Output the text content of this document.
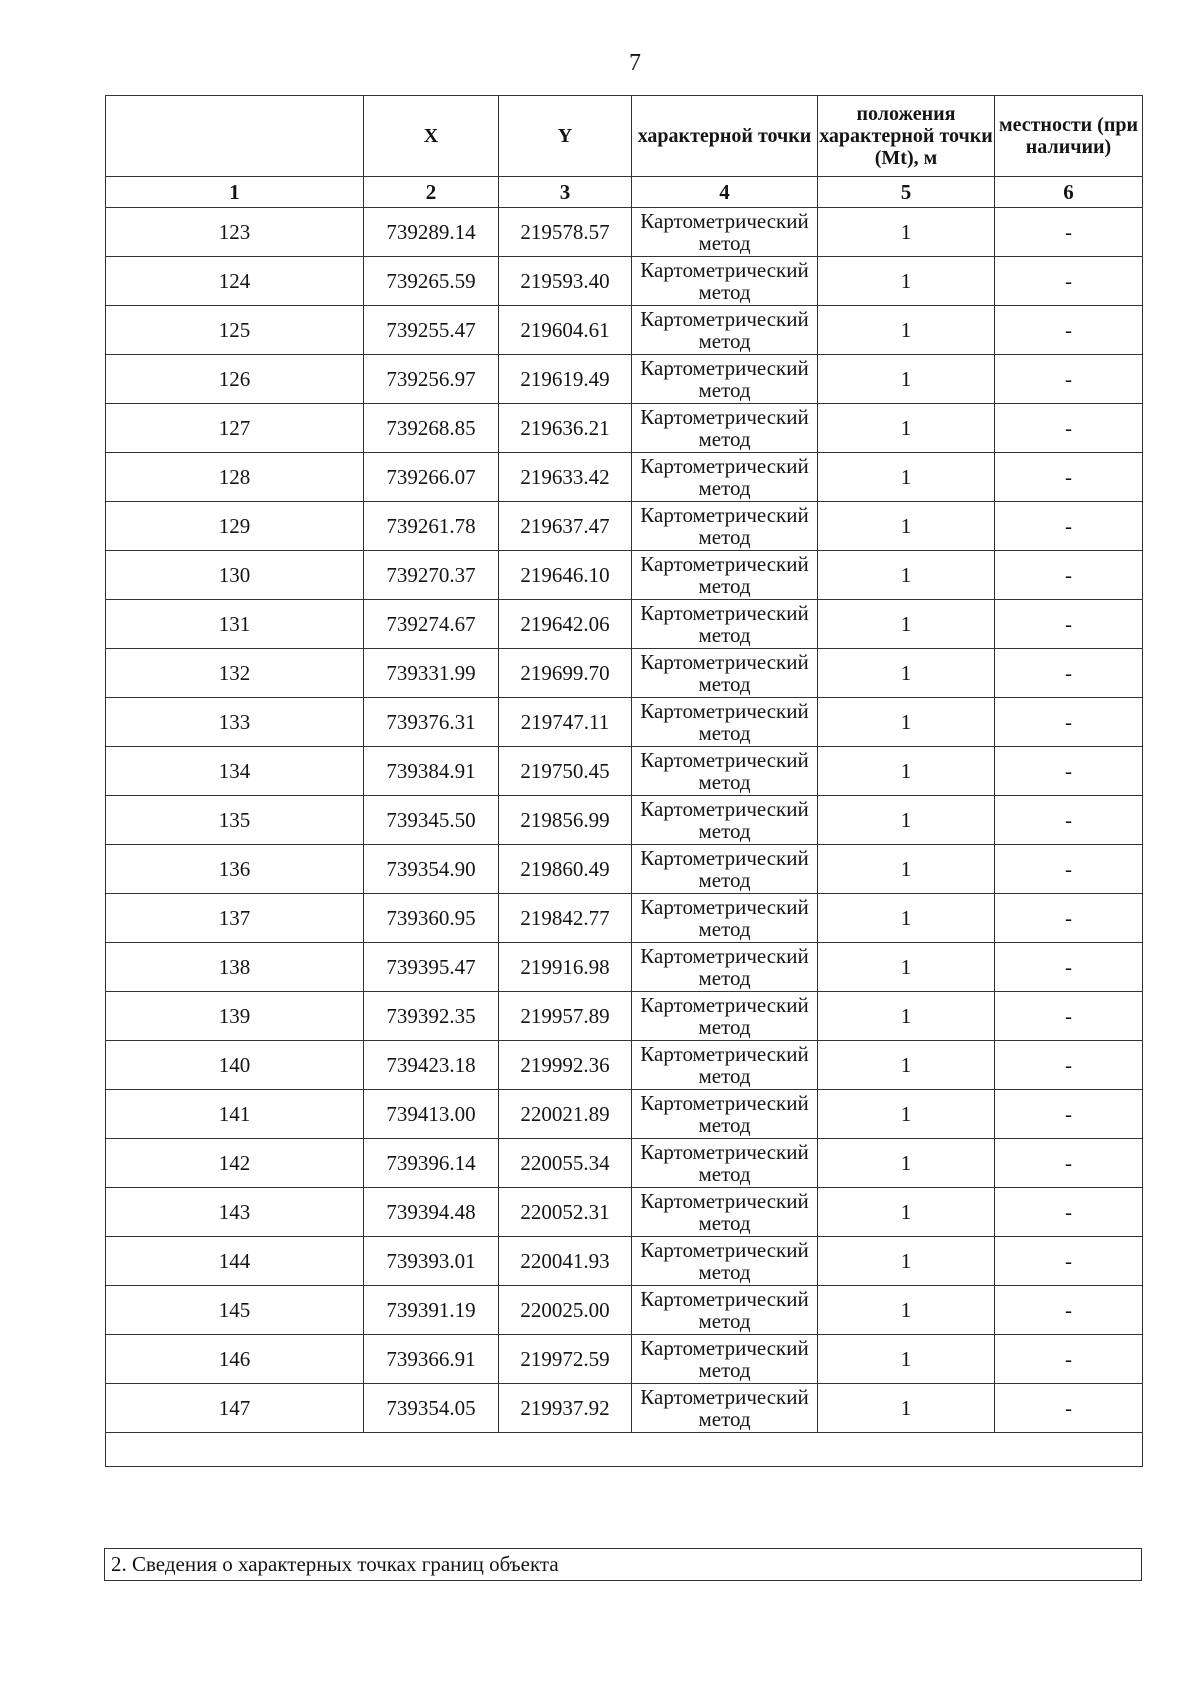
7
	X	Y	характерной точки	положения характерной точки (Mt), м	местности (при наличии)
1	2	3	4	5	6
123	739289.14	219578.57	Картометрический метод	1	-
124	739265.59	219593.40	Картометрический метод	1	-
125	739255.47	219604.61	Картометрический метод	1	-
126	739256.97	219619.49	Картометрический метод	1	-
127	739268.85	219636.21	Картометрический метод	1	-
128	739266.07	219633.42	Картометрический метод	1	-
129	739261.78	219637.47	Картометрический метод	1	-
130	739270.37	219646.10	Картометрический метод	1	-
131	739274.67	219642.06	Картометрический метод	1	-
132	739331.99	219699.70	Картометрический метод	1	-
133	739376.31	219747.11	Картометрический метод	1	-
134	739384.91	219750.45	Картометрический метод	1	-
135	739345.50	219856.99	Картометрический метод	1	-
136	739354.90	219860.49	Картометрический метод	1	-
137	739360.95	219842.77	Картометрический метод	1	-
138	739395.47	219916.98	Картометрический метод	1	-
139	739392.35	219957.89	Картометрический метод	1	-
140	739423.18	219992.36	Картометрический метод	1	-
141	739413.00	220021.89	Картометрический метод	1	-
142	739396.14	220055.34	Картометрический метод	1	-
143	739394.48	220052.31	Картометрический метод	1	-
144	739393.01	220041.93	Картометрический метод	1	-
145	739391.19	220025.00	Картометрический метод	1	-
146	739366.91	219972.59	Картометрический метод	1	-
147	739354.05	219937.92	Картометрический метод	1	-

2. Сведения о характерных точках границ объекта
